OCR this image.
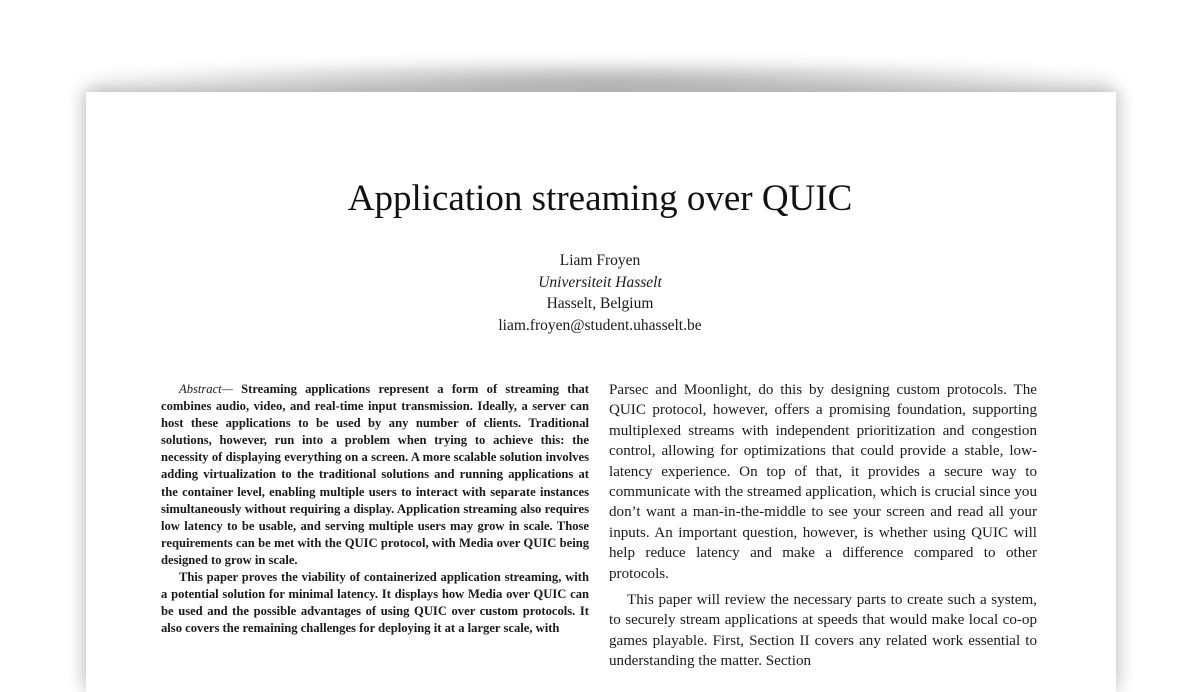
Application streaming over QUIC
Liam Froyen
Universiteit Hasselt
Hasselt, Belgium
liam.froyen@student.uhasselt.be

Abstract— Streaming applications represent a form of streaming that combines audio, video, and real-time input transmission. Ideally, a server can host these applications to be used by any number of clients. Traditional solutions, however, run into a problem when trying to achieve this: the necessity of displaying everything on a screen. A more scalable solution involves adding virtualization to the traditional solutions and running applications at the container level, enabling multiple users to interact with separate instances simultaneously without requiring a display. Application streaming also requires low latency to be usable, and serving multiple users may grow in scale. Those requirements can be met with the QUIC protocol, with Media over QUIC being designed to grow in scale.

This paper proves the viability of containerized application streaming, with a potential solution for minimal latency. It displays how Media over QUIC can be used and the possible advantages of using QUIC over custom protocols. It also covers the remaining challenges for deploying it at a larger scale, with

Parsec and Moonlight, do this by designing custom protocols. The QUIC protocol, however, offers a promising foundation, supporting multiplexed streams with independent prioritization and congestion control, allowing for optimizations that could provide a stable, low-latency experience. On top of that, it provides a secure way to communicate with the streamed application, which is crucial since you don’t want a man-in-the-middle to see your screen and read all your inputs. An important question, however, is whether using QUIC will help reduce latency and make a difference compared to other protocols.

This paper will review the necessary parts to create such a system, to securely stream applications at speeds that would make local co-op games playable. First, Section II covers any related work essential to understanding the matter. Section
